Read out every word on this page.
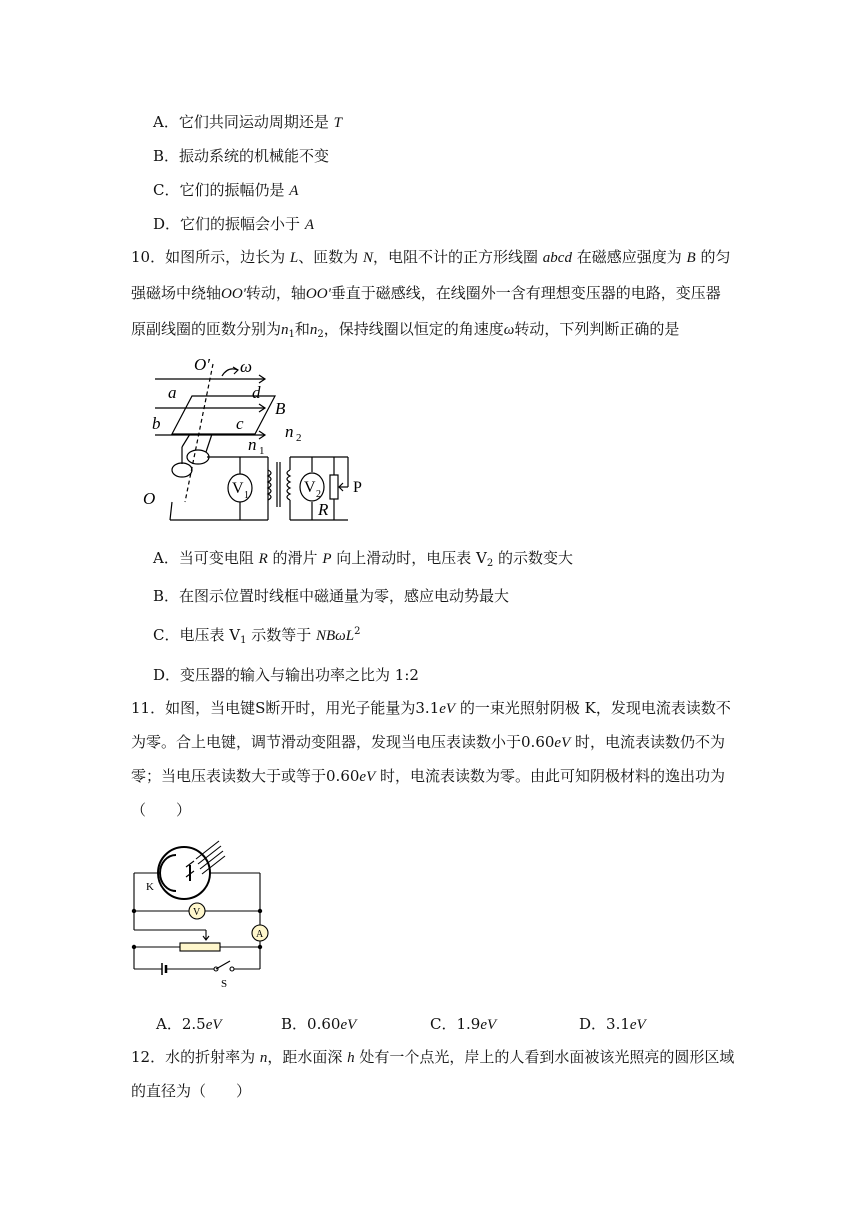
A．它们共同运动周期还是 T
B．振动系统的机械能不变
C．它们的振幅仍是 A
D．它们的振幅会小于 A
10．如图所示，边长为 L、匝数为 N，电阻不计的正方形线圈 abcd 在磁感应强度为 B 的匀
强磁场中绕轴OO'转动，轴OO'垂直于磁感线，在线圈外一含有理想变压器的电路，变压器
原副线圈的匝数分别为$n_1$和$n_2$，保持线圈以恒定的角速度ω转动，下列判断正确的是
O′ ω
a	d
B
b	c
n 1
n 2
O
R
V 1	V 2 P
A．当可变电阻 R 的滑片 P 向上滑动时，电压表 $V_2$ 的示数变大
B．在图示位置时线框中磁通量为零，感应电动势最大
C．电压表 $V_1$ 示数等于 NBωL$^2$
D．变压器的输入与输出功率之比为 1:2
11．如图，当电键S断开时，用光子能量为3.1eV 的一束光照射阴极 K，发现电流表读数不
为零。合上电键，调节滑动变阻器，发现当电压表读数小于0.60eV 时，电流表读数仍不为
零；当电压表读数大于或等于0.60eV 时，电流表读数为零。由此可知阴极材料的逸出功为
（　　）
K
V
A
S
A．2.5eV	B．0.60eV	C．1.9eV	D．3.1eV
12．水的折射率为 n，距水面深 h 处有一个点光，岸上的人看到水面被该光照亮的圆形区域
的直径为（　　）
